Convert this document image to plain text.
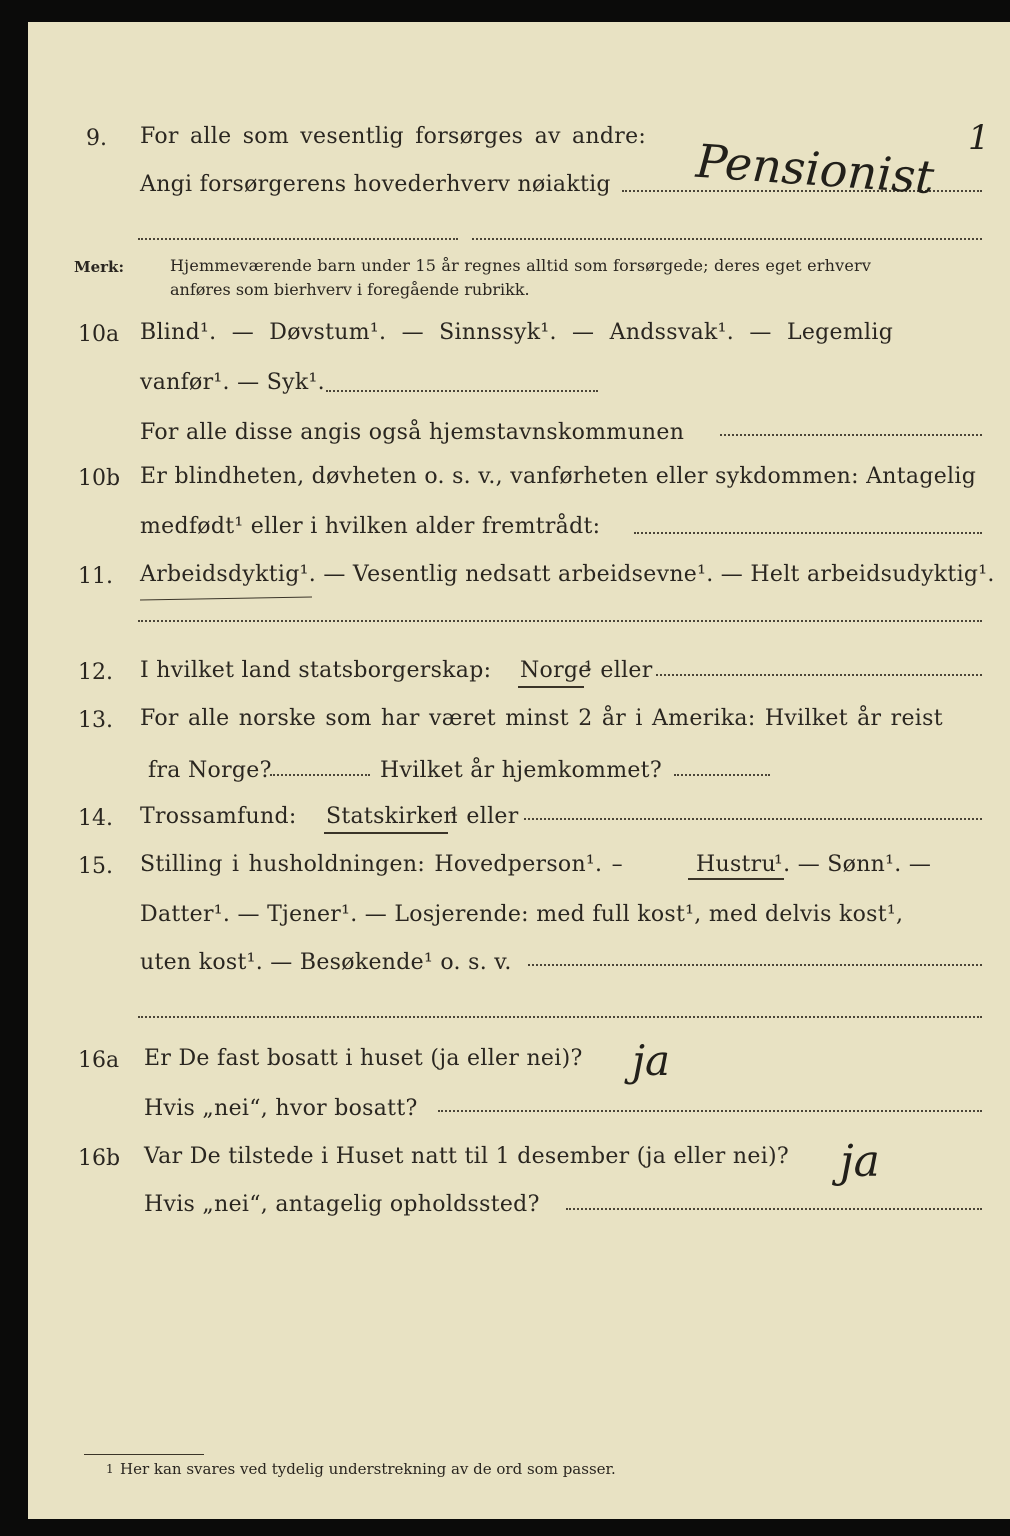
9. For alle som vesentlig forsørges av andre:
Angi forsørgerens hovederhverv nøiaktig Pensionist 1
Merk:	Hjemmeværende barn under 15 år regnes alltid som forsørgede; deres eget erhverv
anføres som bierhverv i foregående rubrikk.
10a Blind¹. — Døvstum¹. — Sinnssyk¹. — Andssvak¹. — Legemlig
vanfør¹. — Syk¹.
For alle disse angis også hjemstavnskommunen
10b Er blindheten, døvheten o. s. v., vanførheten eller sykdommen: Antagelig
medfødt¹ eller i hvilken alder fremtrådt:
11. Arbeidsdyktig¹. — Vesentlig nedsatt arbeidsevne¹. — Helt arbeidsudyktig¹.
12. I hvilket land statsborgerskap: Norge
¹ eller
13. For alle norske som har været minst 2 år i Amerika: Hvilket år reist
fra Norge?	Hvilket år hjemkommet?
14. Trossamfund: Statskirken
¹ eller
15. Stilling i husholdningen: Hovedperson¹. –	Hustru
¹. — Sønn¹. —
Datter¹. — Tjener¹. — Losjerende: med full kost¹, med delvis kost¹,
uten kost¹. — Besøkende¹ o. s. v.
16a Er De fast bosatt i huset (ja eller nei)? ja
Hvis „nei“, hvor bosatt?
16b Var De tilstede i Huset natt til 1 desember (ja eller nei)? ja
Hvis „nei“, antagelig opholdssted?
1 Her kan svares ved tydelig understrekning av de ord som passer.
